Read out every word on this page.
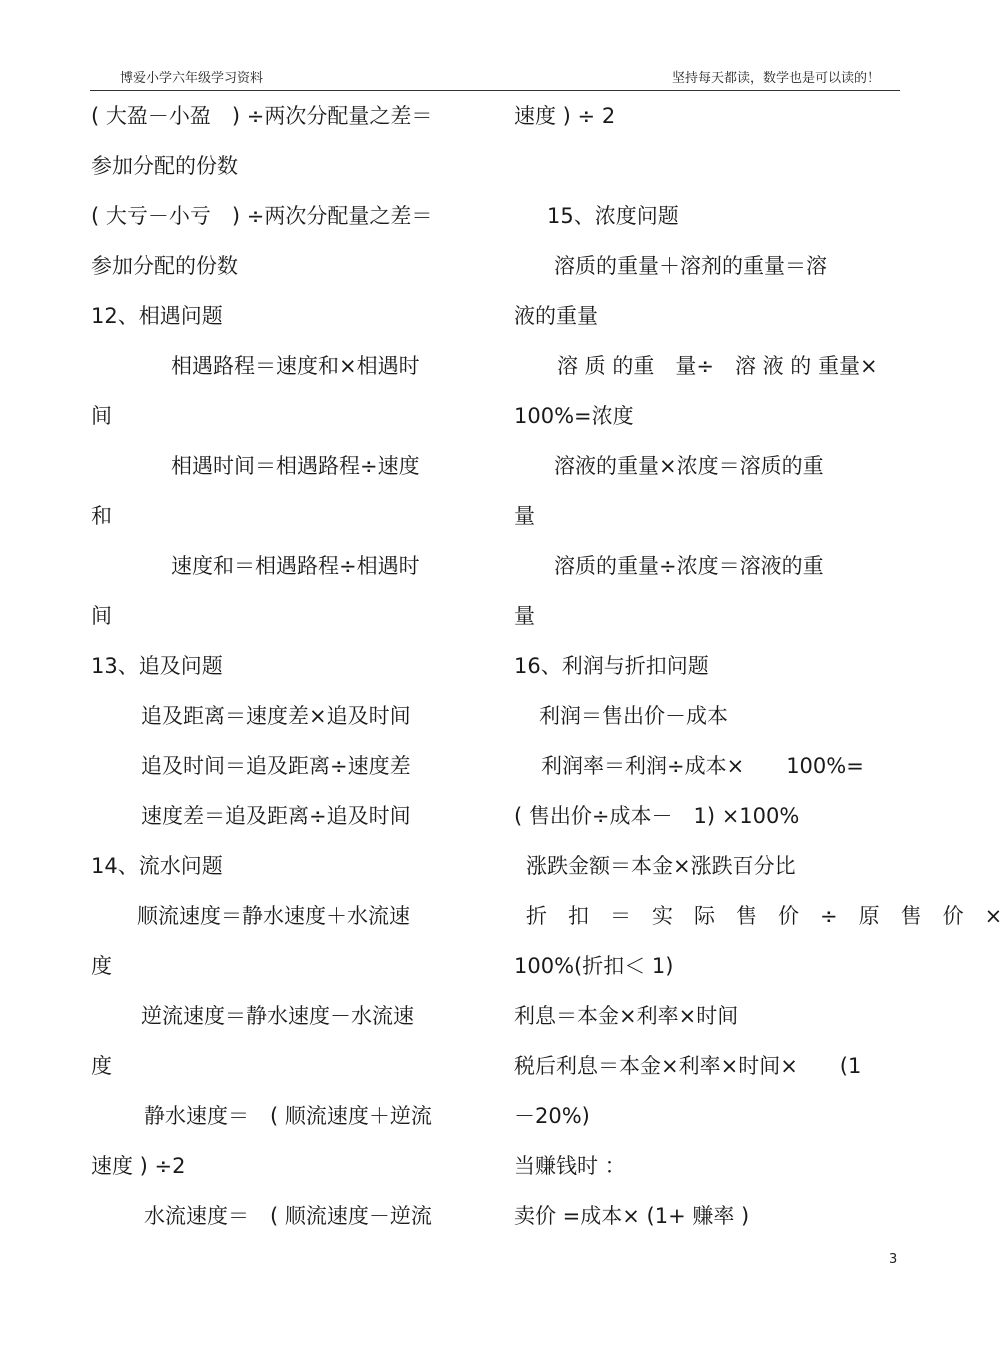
博爱小学六年级学习资料	坚持每天都读，数学也是可以读的！
( 大盈－小盈　) ÷两次分配量之差＝
参加分配的份数
( 大亏－小亏　) ÷两次分配量之差＝
参加分配的份数
12、相遇问题
相遇路程＝速度和×相遇时
间
相遇时间＝相遇路程÷速度
和
速度和＝相遇路程÷相遇时
间
13、追及问题
追及距离＝速度差×追及时间
追及时间＝追及距离÷速度差
速度差＝追及距离÷追及时间
14、流水问题
顺流速度＝静水速度＋水流速
度
逆流速度＝静水速度－水流速
度
静水速度＝　( 顺流速度＋逆流
速度 ) ÷2
水流速度＝　( 顺流速度－逆流
速度 ) ÷ 2
15、浓度问题
溶质的重量＋溶剂的重量＝溶
液的重量
溶 质 的重　量÷　溶 液 的 重量×
100%=浓度
溶液的重量×浓度＝溶质的重
量
溶质的重量÷浓度＝溶液的重
量
16、利润与折扣问题
利润＝售出价－成本
利润率＝利润÷成本×　　100%=
( 售出价÷成本－　1) ×100%
涨跌金额＝本金×涨跌百分比
折　扣　＝　实　际　售　价　÷　原　售　价　×
100%(折扣＜ 1)
利息＝本金×利率×时间
税后利息＝本金×利率×时间×　　(1
－20%)
当赚钱时 ：
卖价 =成本× (1+ 赚率 )
3
